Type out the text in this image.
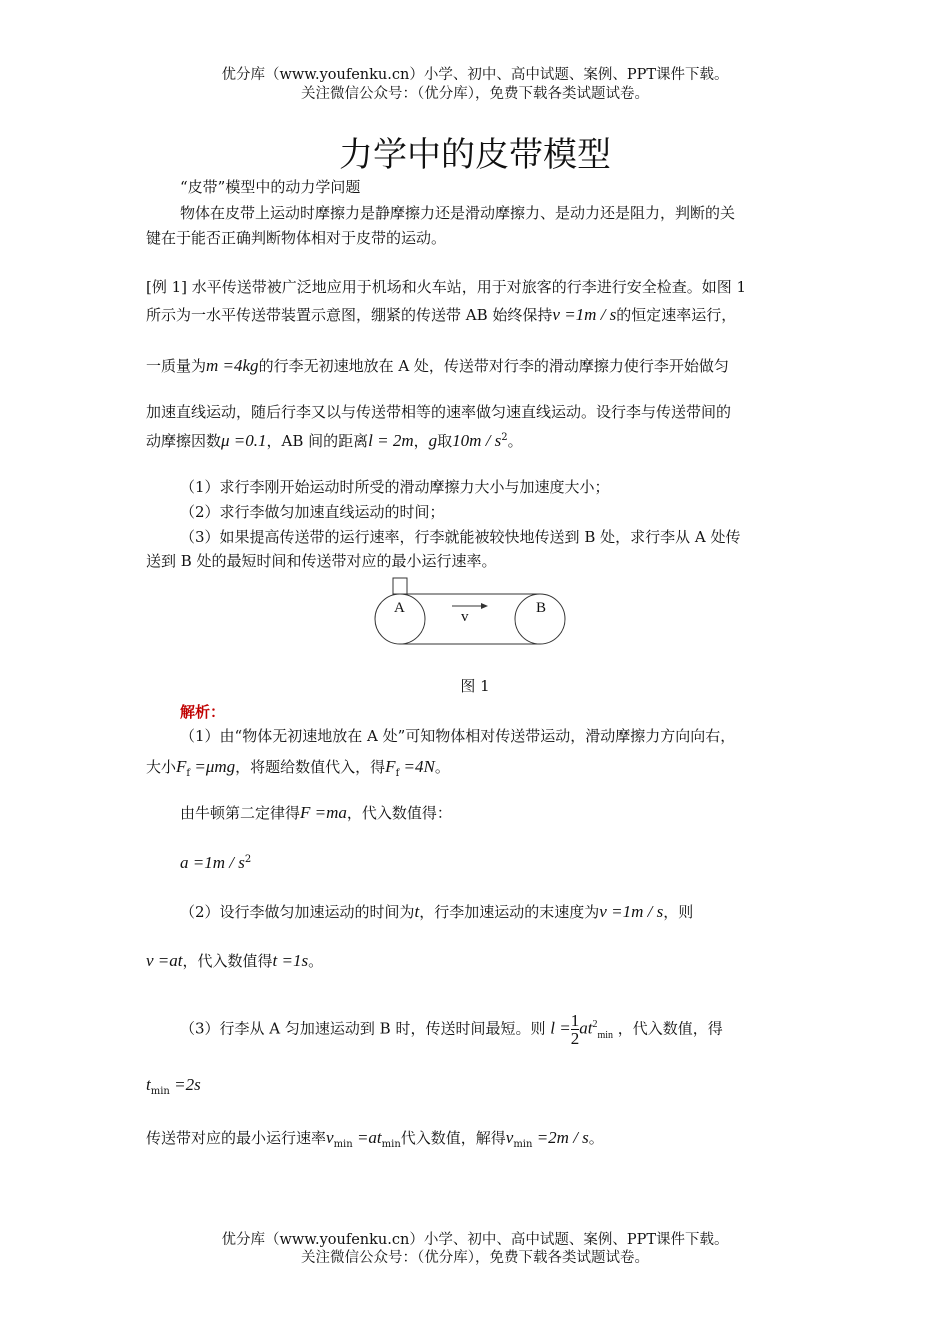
优分库（www.youfenku.cn）小学、初中、高中试题、案例、PPT课件下载。
关注微信公众号：（优分库），免费下载各类试题试卷。
力学中的皮带模型
“皮带”模型中的动力学问题
物体在皮带上运动时摩擦力是静摩擦力还是滑动摩擦力、是动力还是阻力，判断的关
键在于能否正确判断物体相对于皮带的运动。
[例 1] 水平传送带被广泛地应用于机场和火车站，用于对旅客的行李进行安全检查。如图 1
所示为一水平传送带装置示意图，绷紧的传送带 AB 始终保持v =1m / s的恒定速率运行，
一质量为m =4kg的行李无初速地放在 A 处，传送带对行李的滑动摩擦力使行李开始做匀
加速直线运动，随后行李又以与传送带相等的速率做匀速直线运动。设行李与传送带间的
动摩擦因数μ =0.1，AB 间的距离l = 2m，g取$10m / s^2$。
（1）求行李刚开始运动时所受的滑动摩擦力大小与加速度大小；
（2）求行李做匀加速直线运动的时间；
（3）如果提高传送带的运行速率，行李就能被较快地传送到 B 处，求行李从 A 处传
送到 B 处的最短时间和传送带对应的最小运行速率。
A	B
v
图 1
解析：
（1）由“物体无初速地放在 A 处”可知物体相对传送带运动，滑动摩擦力方向向右，
大小$F_f =\mu mg$，将题给数值代入，得$F_f =4N$。
由牛顿第二定律得F =ma，代入数值得：
$a =1m / s^2$
（2）设行李做匀加速运动的时间为t，行李加速运动的末速度为v =1m / s，则
v =at，代入数值得t =1s。
（3）行李从 A 匀加速运动到 B 时，传送时间最短。则 $l = \frac{1}{2} at^2_{min}$ ，代入数值，得
$t_{min} =2s$
传送带对应的最小运行速率$v_{min} =at_{min}$代入数值，解得$v_{min} =2m / s$。
优分库（www.youfenku.cn）小学、初中、高中试题、案例、PPT课件下载。
关注微信公众号：（优分库），免费下载各类试题试卷。
